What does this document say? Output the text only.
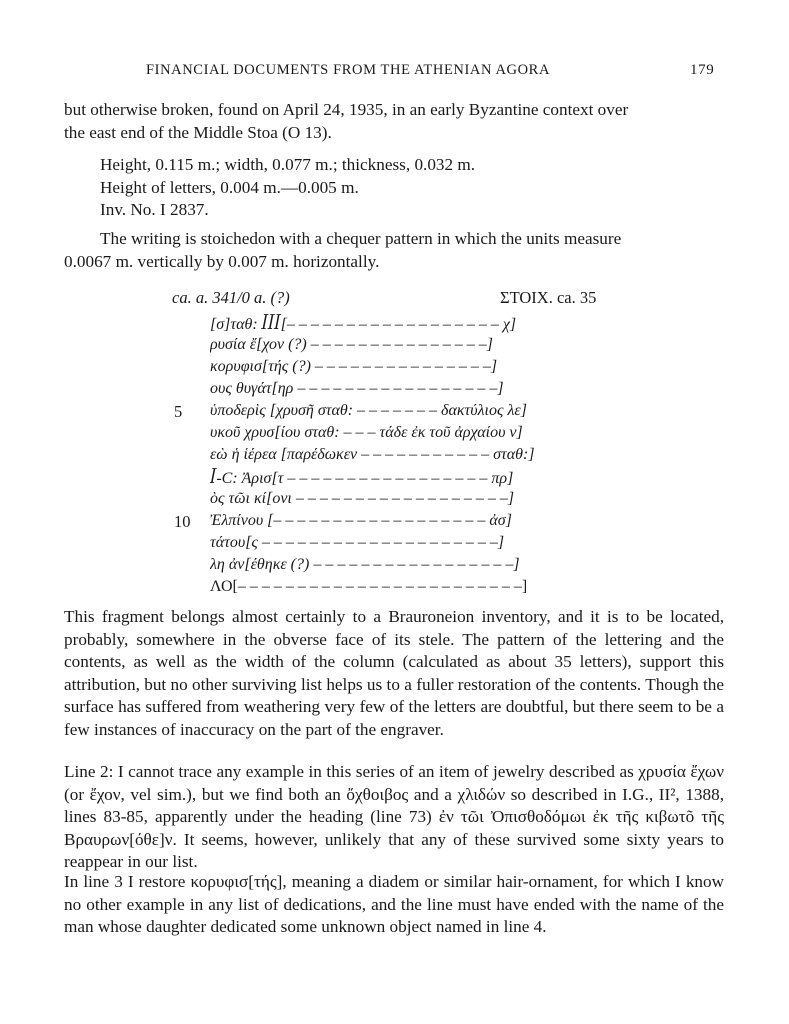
FINANCIAL DOCUMENTS FROM THE ATHENIAN AGORA	179

but otherwise broken, found on April 24, 1935, in an early Byzantine context over
the east end of the Middle Stoa (O 13).

Height, 0.115 m.; width, 0.077 m.; thickness, 0.032 m.
Height of letters, 0.004 m.—0.005 m.
Inv. No. I 2837.

The writing is stoichedon with a chequer pattern in which the units measure
0.0067 m. vertically by 0.007 m. horizontally.

ca. a. 341/0 a. (?)	ΣΤΟΙΧ. ca. 35
[σ]ταθ: ꟾꟾꟾ[– – – – – – – – – – – – – – – – – – χ]
ρυσία ἔ[χον (?) – – – – – – – – – – – – – – –]
κορυφισ[τής (?) – – – – – – – – – – – – – – –]
ους θυγάτ[ηρ – – – – – – – – – – – – – – – – –]
5 ὑποδερὶς [χρυσῆ σταθ: – – – – – – – δακτύλιος λε]
υκοῦ χρυσ[ίου σταθ: – – – τάδε ἐκ τοῦ ἀρχαίου ν]
εὼ ἡ ἱέρεα [παρέδωκεν – – – – – – – – – – – σταθ:]
ꟾ-C: Ἀρισ[τ – – – – – – – – – – – – – – – – – πρ]
ὸς τῶι κί[ονι – – – – – – – – – – – – – – – – – –]
10 Ἐλπίνου [– – – – – – – – – – – – – – – – – – ἀσ]
τάτου[ς – – – – – – – – – – – – – – – – – – – –]
λη ἀν[έθηκε (?) – – – – – – – – – – – – – – – – –]
ΛΟ[– – – – – – – – – – – – – – – – – – – – – – – –]

This fragment belongs almost certainly to a Brauroneion inventory, and it is to be located, probably, somewhere in the obverse face of its stele. The pattern of the lettering and the contents, as well as the width of the column (calculated as about 35 letters), support this attribution, but no other surviving list helps us to a fuller restoration of the contents. Though the surface has suffered from weathering very few of the letters are doubtful, but there seem to be a few instances of inaccuracy on the part of the engraver.

Line 2: I cannot trace any example in this series of an item of jewelry described as χρυσία ἔχων (or ἔχον, vel sim.), but we find both an ὄχθοιβος and a χλιδών so described in I.G., II², 1388, lines 83-85, apparently under the heading (line 73) ἐν τῶι Ὀπισθοδόμωι ἐκ τῆς κιβωτõ τῆς Βραυρων[όθε]ν. It seems, however, unlikely that any of these survived some sixty years to reappear in our list.

In line 3 I restore κορυφισ[τής], meaning a diadem or similar hair-ornament, for which I know no other example in any list of dedications, and the line must have ended with the name of the man whose daughter dedicated some unknown object named in line 4.
